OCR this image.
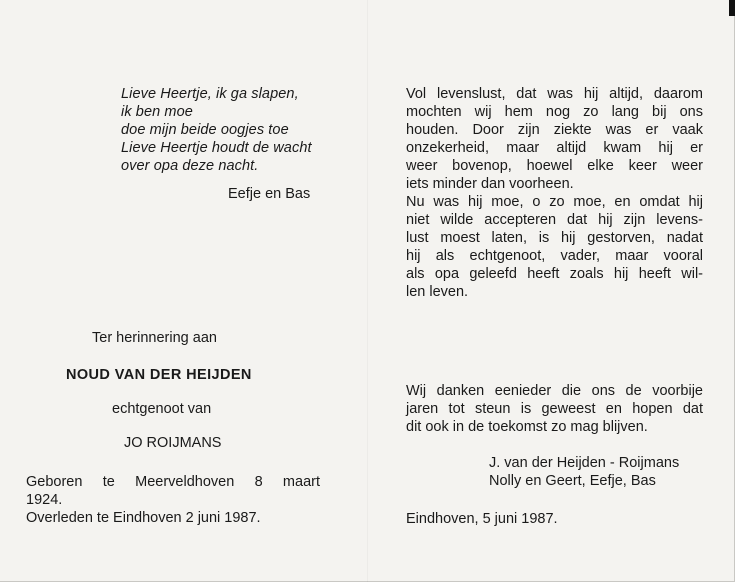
Lieve Heertje, ik ga slapen,
ik ben moe
doe mijn beide oogjes toe
Lieve Heertje houdt de wacht
over opa deze nacht.
Eefje en Bas
Ter herinnering aan
NOUD VAN DER HEIJDEN
echtgenoot van
JO ROIJMANS
Geboren te Meerveldhoven 8 maart
1924.
Overleden te Eindhoven 2 juni 1987.
Vol levenslust, dat was hij altijd, daarom
mochten wij hem nog zo lang bij ons
houden. Door zijn ziekte was er vaak
onzekerheid, maar altijd kwam hij er
weer bovenop, hoewel elke keer weer
iets minder dan voorheen.
Nu was hij moe, o zo moe, en omdat hij
niet wilde accepteren dat hij zijn levens-
lust moest laten, is hij gestorven, nadat
hij als echtgenoot, vader, maar vooral
als opa geleefd heeft zoals hij heeft wil-
len leven.
Wij danken eenieder die ons de voorbije
jaren tot steun is geweest en hopen dat
dit ook in de toekomst zo mag blijven.
J. van der Heijden - Roijmans
Nolly en Geert, Eefje, Bas
Eindhoven, 5 juni 1987.
